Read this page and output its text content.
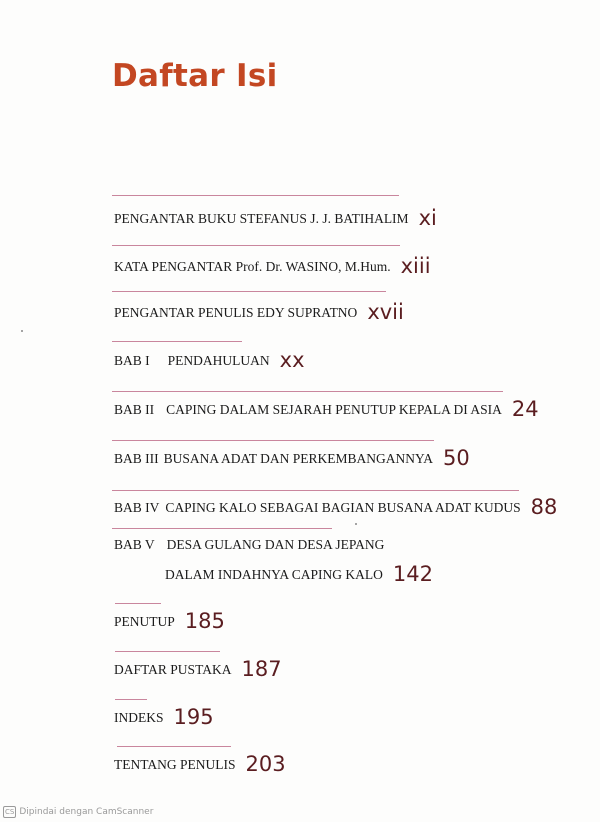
Daftar Isi
PENGANTAR BUKU STEFANUS J. J. BATIHALIM xi
KATA PENGANTAR Prof. Dr. WASINO, M.Hum. xiii
PENGANTAR PENULIS EDY SUPRATNO xvii
BAB I PENDAHULUAN xx
BAB II CAPING DALAM SEJARAH PENUTUP KEPALA DI ASIA 24
BAB III BUSANA ADAT DAN PERKEMBANGANNYA 50
BAB IV CAPING KALO SEBAGAI BAGIAN BUSANA ADAT KUDUS 88
BAB V DESA GULANG DAN DESA JEPANG
DALAM INDAHNYA CAPING KALO 142
PENUTUP 185
DAFTAR PUSTAKA 187
INDEKS 195
TENTANG PENULIS 203
CS Dipindai dengan CamScanner
